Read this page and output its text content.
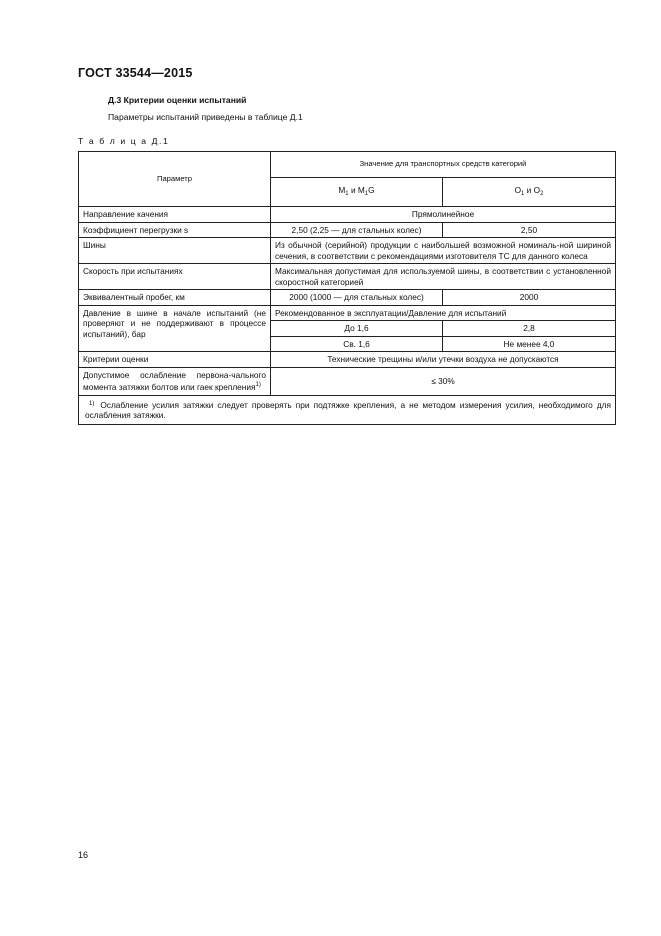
ГОСТ 33544—2015
Д.3 Критерии оценки испытаний
Параметры испытаний приведены в таблице Д.1
Т а б л и ц а Д.1
Параметр	Значение для транспортных средств категорий	
	$M_1$ и $M_1G$	$O_1$ и $O_2$
Направление качения	Прямолинейное	
Коэффициент перегрузки s	2,50 (2,25 — для стальных колес)	2,50
Шины	Из обычной (серийной) продукции с наибольшей возможной номиналь-ной шириной сечения, в соответствии с рекомендациями изготовителя ТС для данного колеса	
Скорость при испытаниях	Максимальная допустимая для используемой шины, в соответствии с установленной скоростной категорией	
Эквивалентный пробег, км	2000 (1000 — для стальных колес)	2000
Давление в шине в начале испытаний (не проверяют и не поддерживают в процессе испытаний), бар	Рекомендованное в эксплуатации/Давление для испытаний	
	До 1,6	2,8
	Св. 1,6	Не менее 4,0
Критерии оценки	Технические трещины и/или утечки воздуха не допускаются	
Допустимое ослабление первона-чального момента затяжки болтов или гаек крепления$^{1)}$	≤ 30%	
$^{1)}$ Ослабление усилия затяжки следует проверять при подтяжке крепления, а не методом измерения усилия, необходимого для ослабления затяжки.		
16
